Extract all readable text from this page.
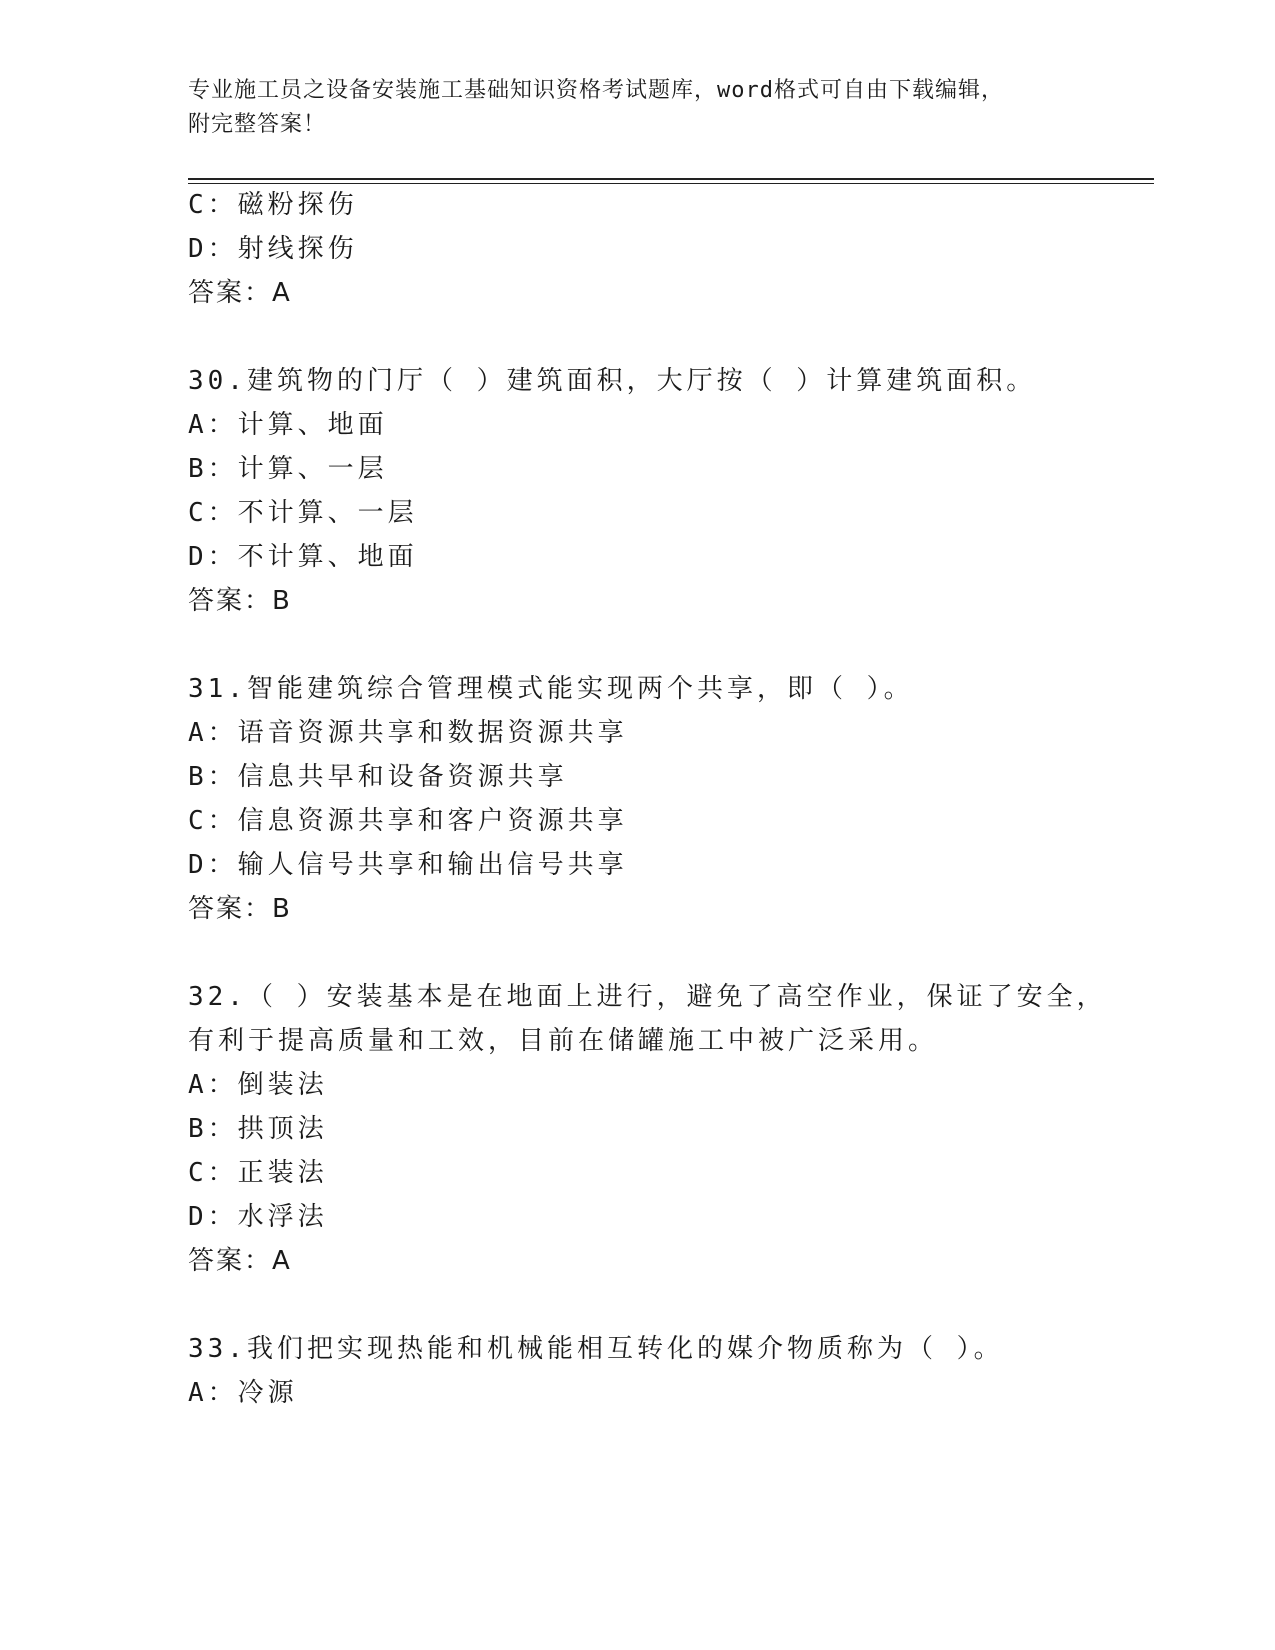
专业施工员之设备安装施工基础知识资格考试题库，word格式可自由下载编辑，
附完整答案！
C：磁粉探伤
D：射线探伤
答案：A
30.建筑物的门厅（ ）建筑面积，大厅按（ ）计算建筑面积。
A：计算、地面
B：计算、一层
C：不计算、一层
D：不计算、地面
答案：B
31.智能建筑综合管理模式能实现两个共享，即（ ）。
A：语音资源共享和数据资源共享
B：信息共早和设备资源共享
C：信息资源共享和客户资源共享
D：输人信号共享和输出信号共享
答案：B
32.（ ）安装基本是在地面上进行，避免了高空作业，保证了安全，
有利于提高质量和工效，目前在储罐施工中被广泛采用。
A：倒装法
B：拱顶法
C：正装法
D：水浮法
答案：A
33.我们把实现热能和机械能相互转化的媒介物质称为（ ）。
A：冷源
